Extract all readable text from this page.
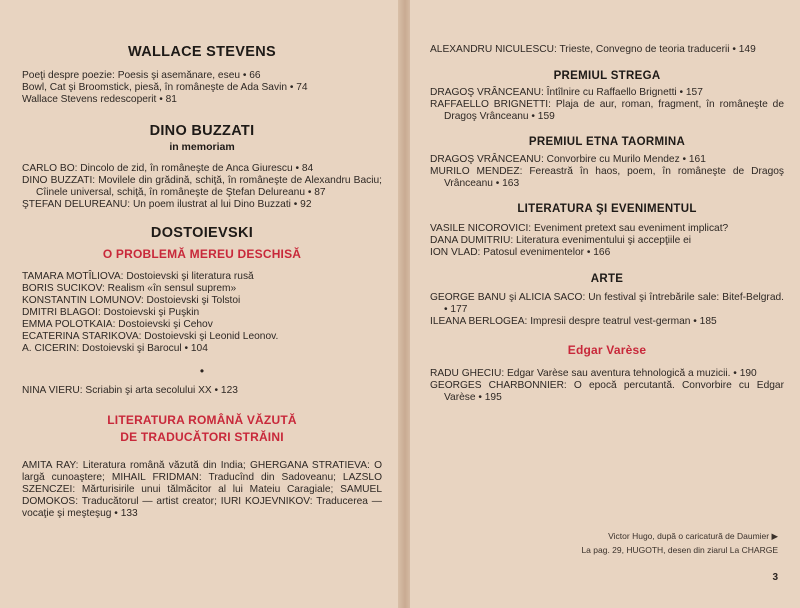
WALLACE STEVENS

Poeţi despre poezie: Poesis şi asemănare, eseu • 66

Bowl, Cat şi Broomstick, piesă, în româneşte de Ada Savin • 74

Wallace Stevens redescoperit • 81

DINO BUZZATI

in memoriam

CARLO BO: Dincolo de zid, în româneşte de Anca Giurescu • 84

DINO BUZZATI: Movilele din grădină, schiţă, în româneşte de Alexandru Baciu; Cîinele universal, schiţă, în româneşte de Ştefan Delureanu • 87

ŞTEFAN DELUREANU: Un poem ilustrat al lui Dino Buzzati • 92

DOSTOIEVSKI

O PROBLEMĂ MEREU DESCHISĂ

TAMARA MOTÎLIOVA: Dostoievski şi literatura rusă

BORIS SUCIKOV: Realism «în sensul suprem»

KONSTANTIN LOMUNOV: Dostoievski şi Tolstoi

DMITRI BLAGOI: Dostoievski şi Puşkin

EMMA POLOTKAIA: Dostoievski şi Cehov

ECATERINA STARIKOVA: Dostoievski şi Leonid Leonov.

A. CICERIN: Dostoievski şi Barocul • 104

•

NINA VIERU: Scriabin şi arta secolului XX • 123

LITERATURA ROMÂNĂ VĂZUTĂ

DE TRADUCĂTORI STRĂINI

AMITA RAY: Literatura română văzută din India; GHERGANA STRATIEVA: O largă cunoaştere; MIHAIL FRIDMAN: Traducînd din Sadoveanu; LAZSLO SZENCZEI: Mărturisirile unui tălmăcitor al lui Mateiu Caragiale; SAMUEL DOMOKOS: Traducătorul — artist creator; IURI KOJEVNIKOV: Traducerea — vocaţie şi meşteşug • 133

ALEXANDRU NICULESCU: Trieste, Convegno de teoria traducerii • 149

PREMIUL STREGA

DRAGOŞ VRÂNCEANU: Întîlnire cu Raffaello Brignetti • 157

RAFFAELLO BRIGNETTI: Plaja de aur, roman, fragment, în româneşte de Dragoş Vrânceanu • 159

PREMIUL ETNA TAORMINA

DRAGOŞ VRÂNCEANU: Convorbire cu Murilo Mendez • 161

MURILO MENDEZ: Fereastră în haos, poem, în româneşte de Dragoş Vrânceanu • 163

LITERATURA ŞI EVENIMENTUL

VASILE NICOROVICI: Eveniment pretext sau eveniment implicat?

DANA DUMITRIU: Literatura evenimentului şi accepţiile ei

ION VLAD: Patosul evenimentelor • 166

ARTE

GEORGE BANU şi ALICIA SACO: Un festival şi întrebările sale: Bitef-Belgrad. • 177

ILEANA BERLOGEA: Impresii despre teatrul vest-german • 185

Edgar Varèse

RADU GHECIU: Edgar Varèse sau aventura tehnologică a muzicii. • 190

GEORGES CHARBONNIER: O epocă percutantă. Convorbire cu Edgar Varèse • 195

Victor Hugo, după o caricatură de Daumier ▶
La pag. 29, HUGOTH, desen din ziarul La CHARGE
3
